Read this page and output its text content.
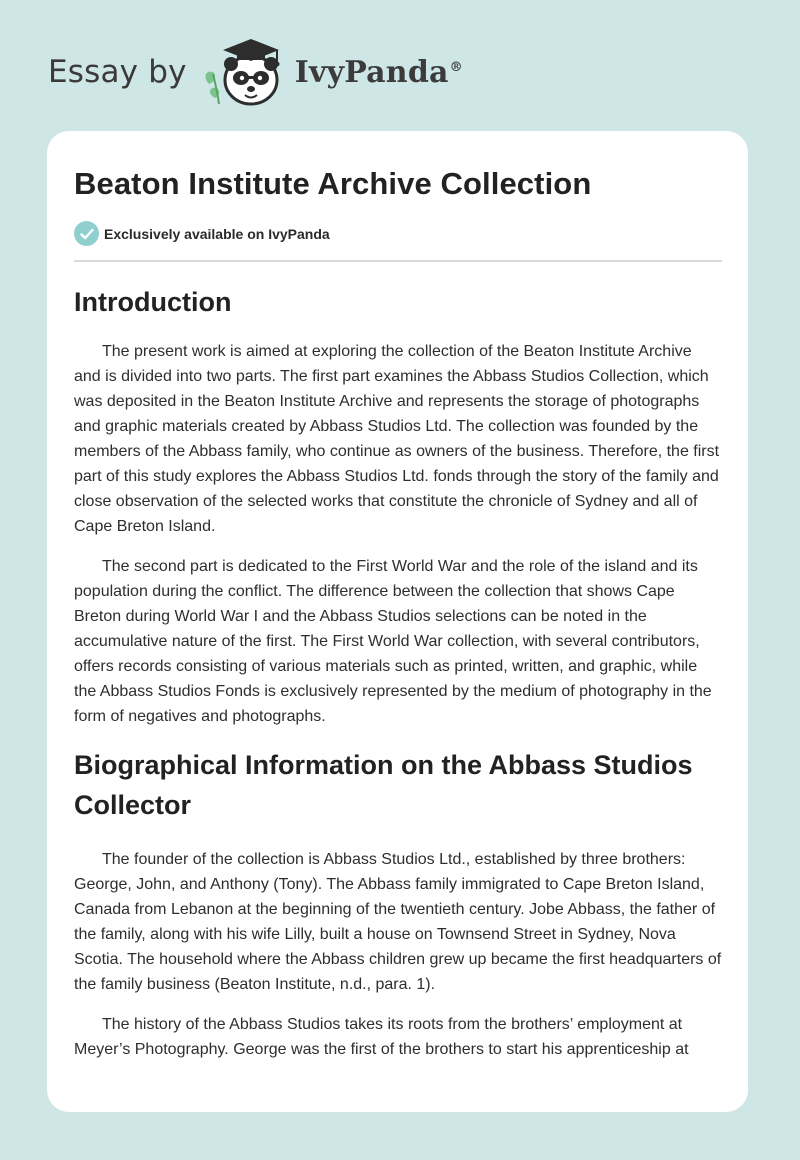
Essay by	IvyPanda®
Beaton Institute Archive Collection
Exclusively available on IvyPanda
Introduction

The present work is aimed at exploring the collection of the Beaton Institute Archive and is divided into two parts. The first part examines the Abbass Studios Collection, which was deposited in the Beaton Institute Archive and represents the storage of photographs and graphic materials created by Abbass Studios Ltd. The collection was founded by the members of the Abbass family, who continue as owners of the business. Therefore, the first part of this study explores the Abbass Studios Ltd. fonds through the story of the family and close observation of the selected works that constitute the chronicle of Sydney and all of Cape Breton Island.

The second part is dedicated to the First World War and the role of the island and its population during the conflict. The difference between the collection that shows Cape Breton during World War I and the Abbass Studios selections can be noted in the accumulative nature of the first. The First World War collection, with several contributors, offers records consisting of various materials such as printed, written, and graphic, while the Abbass Studios Fonds is exclusively represented by the medium of photography in the form of negatives and photographs.

Biographical Information on the Abbass Studios Collector

The founder of the collection is Abbass Studios Ltd., established by three brothers: George, John, and Anthony (Tony). The Abbass family immigrated to Cape Breton Island, Canada from Lebanon at the beginning of the twentieth century. Jobe Abbass, the father of the family, along with his wife Lilly, built a house on Townsend Street in Sydney, Nova Scotia. The household where the Abbass children grew up became the first headquarters of the family business (Beaton Institute, n.d., para. 1).

The history of the Abbass Studios takes its roots from the brothers’ employment at Meyer’s Photography. George was the first of the brothers to start his apprenticeship at
